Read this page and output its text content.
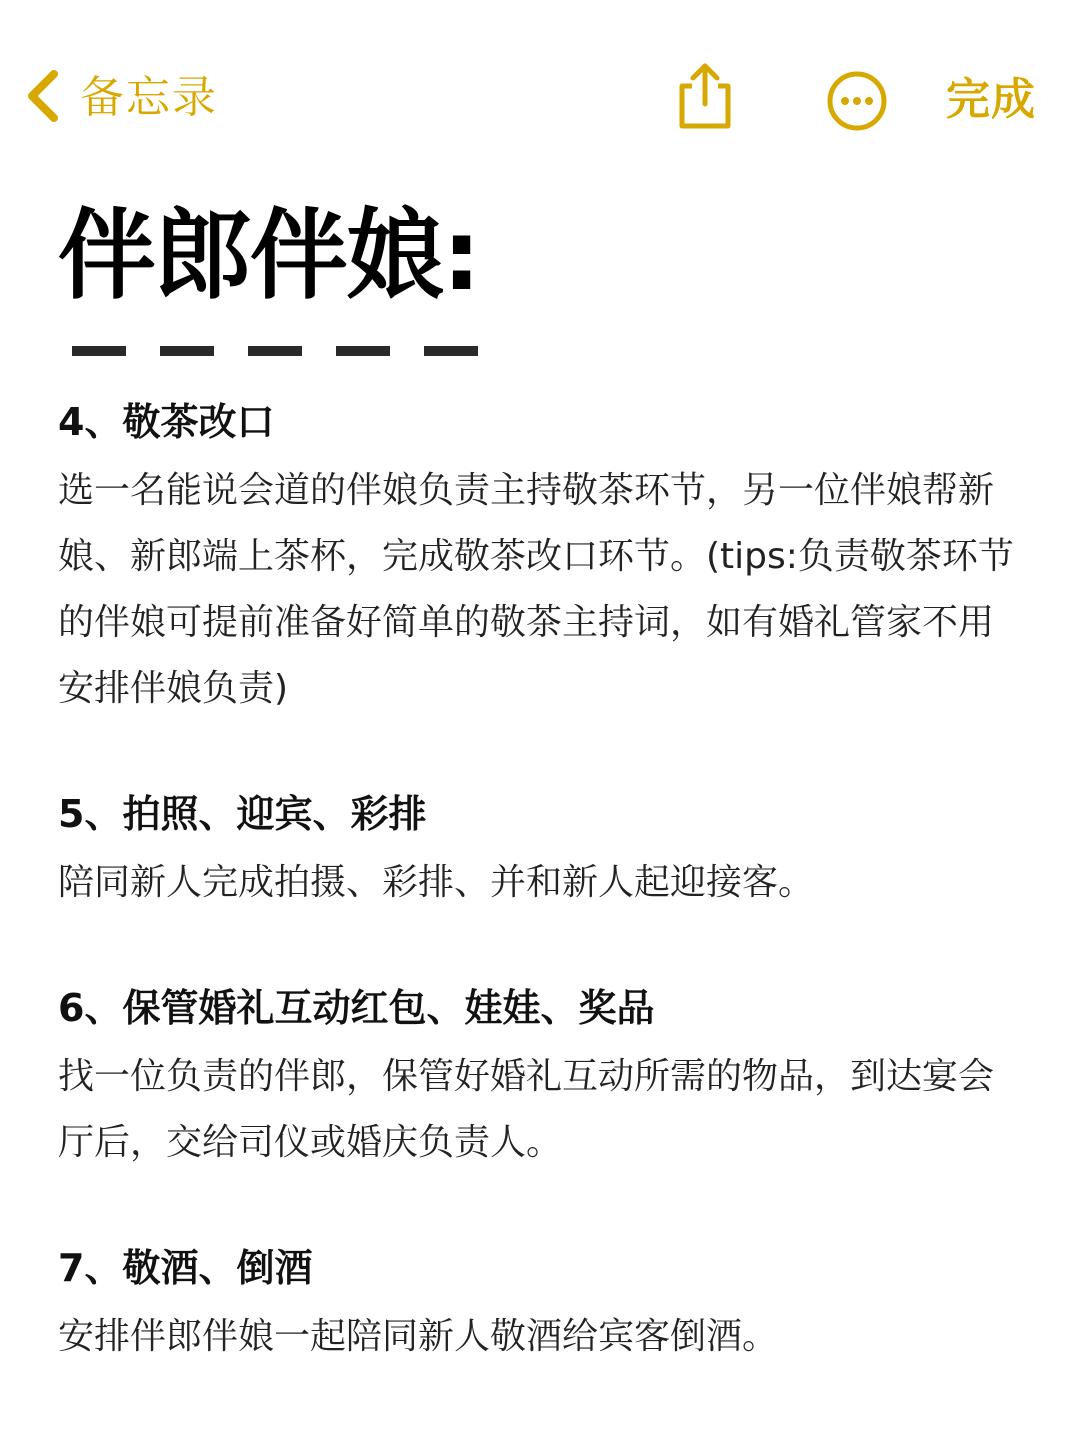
备忘录	完成
伴郎伴娘:

4、敬茶改口

选一名能说会道的伴娘负责主持敬茶环节，另一位伴娘帮新娘、新郎端上茶杯，完成敬茶改口环节。(tips:负责敬茶环节的伴娘可提前准备好简单的敬茶主持词，如有婚礼管家不用安排伴娘负责)

5、拍照、迎宾、彩排

陪同新人完成拍摄、彩排、并和新人起迎接客。

6、保管婚礼互动红包、娃娃、奖品

找一位负责的伴郎，保管好婚礼互动所需的物品，到达宴会厅后，交给司仪或婚庆负责人。

7、敬酒、倒酒

安排伴郎伴娘一起陪同新人敬酒给宾客倒酒。
